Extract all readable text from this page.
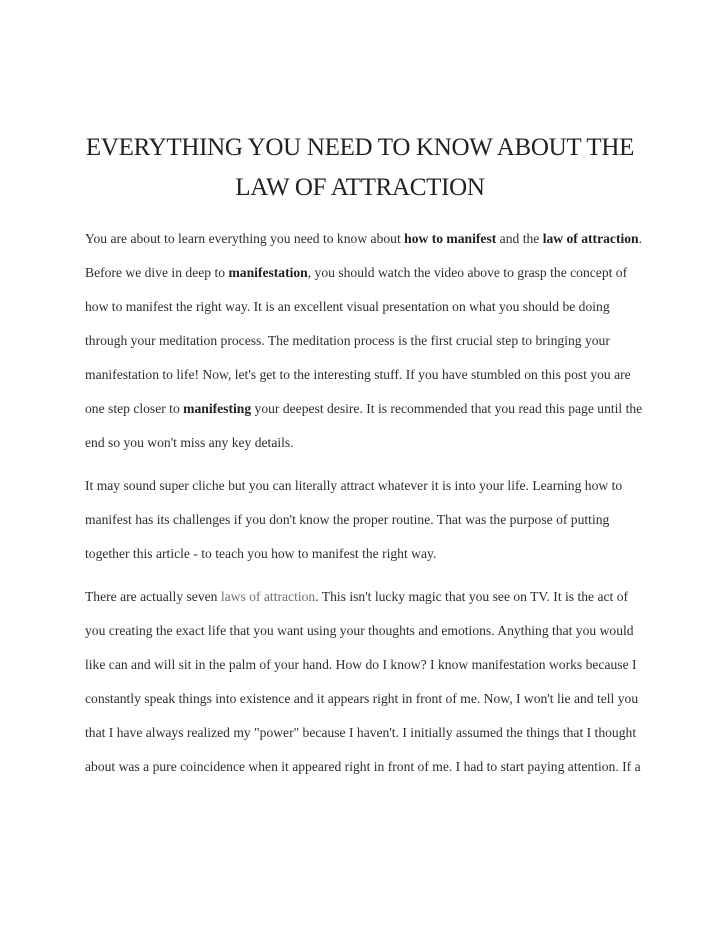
EVERYTHING YOU NEED TO KNOW ABOUT THE LAW OF ATTRACTION

You are about to learn everything you need to know about how to manifest and the law of attraction. Before we dive in deep to manifestation, you should watch the video above to grasp the concept of how to manifest the right way. It is an excellent visual presentation on what you should be doing through your meditation process. The meditation process is the first crucial step to bringing your manifestation to life! Now, let's get to the interesting stuff. If you have stumbled on this post you are one step closer to manifesting your deepest desire. It is recommended that you read this page until the end so you won't miss any key details.

It may sound super cliche but you can literally attract whatever it is into your life. Learning how to manifest has its challenges if you don't know the proper routine. That was the purpose of putting together this article - to teach you how to manifest the right way.

There are actually seven laws of attraction. This isn't lucky magic that you see on TV. It is the act of you creating the exact life that you want using your thoughts and emotions. Anything that you would like can and will sit in the palm of your hand. How do I know? I know manifestation works because I constantly speak things into existence and it appears right in front of me. Now, I won't lie and tell you that I have always realized my "power" because I haven't. I initially assumed the things that I thought about was a pure coincidence when it appeared right in front of me. I had to start paying attention. If a
